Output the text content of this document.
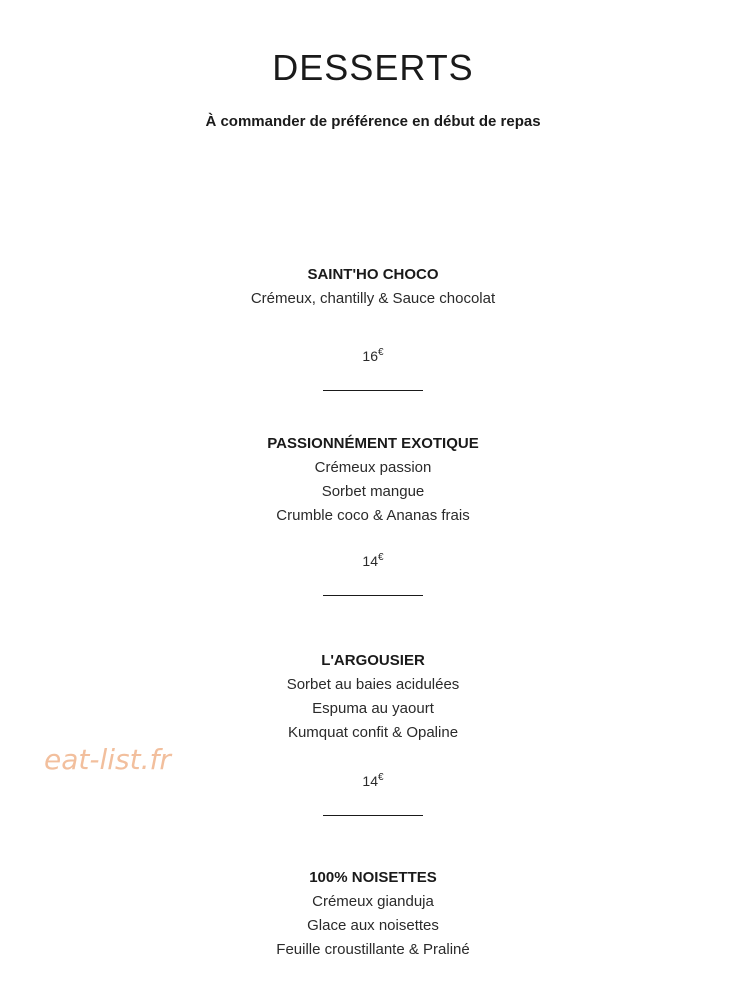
DESSERTS
À commander de préférence en début de repas
SAINT'HO CHOCO
Crémeux, chantilly & Sauce chocolat
16€
PASSIONNÉMENT EXOTIQUE
Crémeux passion
Sorbet mangue
Crumble coco & Ananas frais
14€
L'ARGOUSIER
Sorbet au baies acidulées
Espuma au yaourt
Kumquat confit & Opaline
14€
100% NOISETTES
Crémeux gianduja
Glace aux noisettes
Feuille croustillante & Praliné
eat-list.fr
